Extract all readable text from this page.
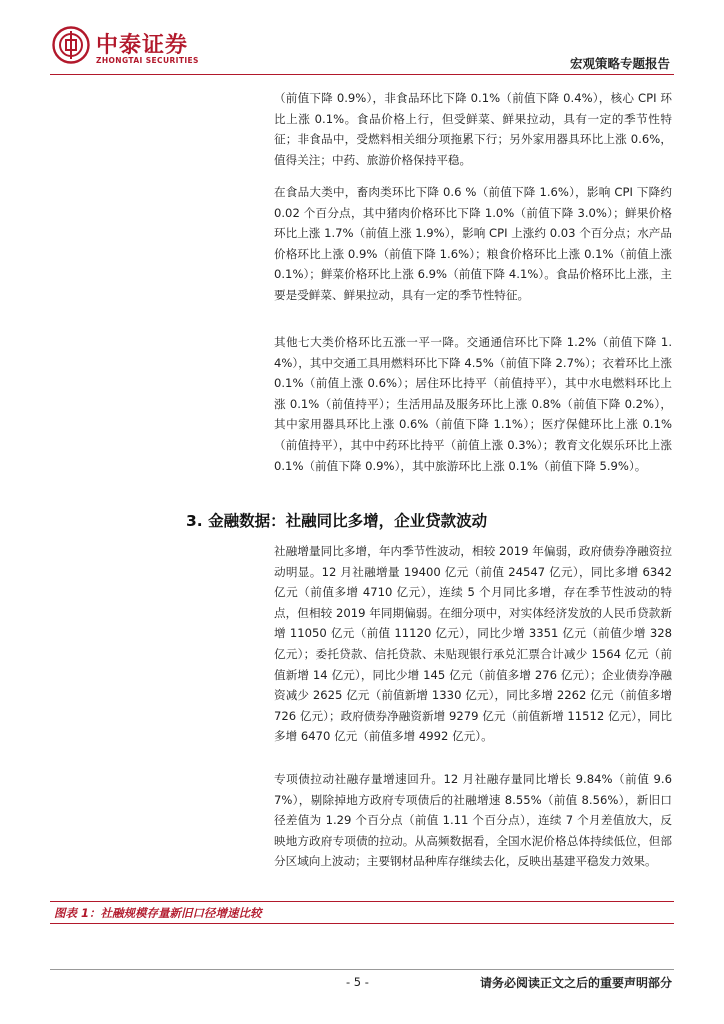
中泰证券
ZHONGTAI SECURITIES	宏观策略专题报告
（前值下降 0.9%），非食品环比下降 0.1%（前值下降 0.4%），核心 CPI 环比上涨 0.1%。食品价格上行，但受鲜菜、鲜果拉动，具有一定的季节性特征；非食品中，受燃料相关细分项拖累下行；另外家用器具环比上涨 0.6%，值得关注；中药、旅游价格保持平稳。
在食品大类中，畜肉类环比下降 0.6 %（前值下降 1.6%），影响 CPI 下降约 0.02 个百分点，其中猪肉价格环比下降 1.0%（前值下降 3.0%）；鲜果价格环比上涨 1.7%（前值上涨 1.9%），影响 CPI 上涨约 0.03 个百分点；水产品价格环比上涨 0.9%（前值下降 1.6%）；粮食价格环比上涨 0.1%（前值上涨 0.1%）；鲜菜价格环比上涨 6.9%（前值下降 4.1%）。食品价格环比上涨，主要是受鲜菜、鲜果拉动，具有一定的季节性特征。
其他七大类价格环比五涨一平一降。交通通信环比下降 1.2%（前值下降 1.4%），其中交通工具用燃料环比下降 4.5%（前值下降 2.7%）；衣着环比上涨 0.1%（前值上涨 0.6%）；居住环比持平（前值持平），其中水电燃料环比上涨 0.1%（前值持平）；生活用品及服务环比上涨 0.8%（前值下降 0.2%），其中家用器具环比上涨 0.6%（前值下降 1.1%）；医疗保健环比上涨 0.1%（前值持平），其中中药环比持平（前值上涨 0.3%）；教育文化娱乐环比上涨 0.1%（前值下降 0.9%），其中旅游环比上涨 0.1%（前值下降 5.9%）。
3. 金融数据：社融同比多增，企业贷款波动
社融增量同比多增，年内季节性波动，相较 2019 年偏弱，政府债券净融资拉动明显。12 月社融增量 19400 亿元（前值 24547 亿元），同比多增 6342 亿元（前值多增 4710 亿元），连续 5 个月同比多增，存在季节性波动的特点，但相较 2019 年同期偏弱。在细分项中，对实体经济发放的人民币贷款新增 11050 亿元（前值 11120 亿元），同比少增 3351 亿元（前值少增 328 亿元）；委托贷款、信托贷款、未贴现银行承兑汇票合计减少 1564 亿元（前值新增 14 亿元），同比少增 145 亿元（前值多增 276 亿元）；企业债券净融资减少 2625 亿元（前值新增 1330 亿元），同比多增 2262 亿元（前值多增 726 亿元）；政府债券净融资新增 9279 亿元（前值新增 11512 亿元），同比多增 6470 亿元（前值多增 4992 亿元）。
专项债拉动社融存量增速回升。12 月社融存量同比增长 9.84%（前值 9.67%），剔除掉地方政府专项债后的社融增速 8.55%（前值 8.56%），新旧口径差值为 1.29 个百分点（前值 1.11 个百分点），连续 7 个月差值放大，反映地方政府专项债的拉动。从高频数据看，全国水泥价格总体持续低位，但部分区域向上波动；主要钢材品种库存继续去化，反映出基建平稳发力效果。
图表 1：社融规模存量新旧口径增速比较
- 5 -	请务必阅读正文之后的重要声明部分
